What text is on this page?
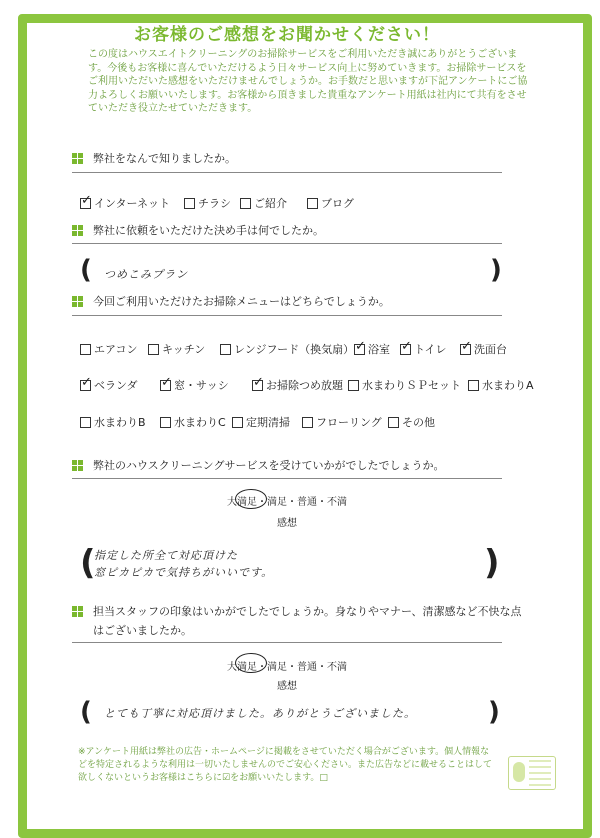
お客様のご感想をお聞かせください！
この度はハウスエイトクリーニングのお掃除サービスをご利用いただき誠にありがとうございます。今後もお客様に喜んでいただけるよう日々サービス向上に努めていきます。お掃除サービスをご利用いただいた感想をいただけませんでしょうか。お手数だと思いますが下記アンケートにご協力よろしくお願いいたします。お客様から頂きました貴重なアンケート用紙は社内にて共有をさせていただき役立たせていただきます。
弊社をなんで知りましたか。
✓
インターネット	チラシ ご紹介	ブログ
弊社に依頼をいただけた決め手は何でしたか。
( つめこみプラン	)
今回ご利用いただけたお掃除メニューはどちらでしょうか。
エアコン キッチン	レンジフード（換気扇） ✓ 浴室 ✓ トイレ ✓	洗面台
✓
ベランダ ✓	窓・サッシ ✓	お掃除つめ放題 水まわりＳＰセット 水まわりA
水まわりB	水まわりC 定期清掃 フローリング その他
弊社のハウスクリーニングサービスを受けていかがでしたでしょうか。
大満足・満足・普通・不満
感想
(
指定した所全て対応頂けた
窓ピカピカで気持ちがいいです。	)
担当スタッフの印象はいかがでしたでしょうか。身なりやマナー、清潔感など不快な点
はございましたか。
大満足・満足・普通・不満
感想
( とても丁寧に対応頂けました。ありがとうございました。	)
※アンケート用紙は弊社の広告・ホームページに掲載をさせていただく場合がございます。個人情報などを特定されるような利用は一切いたしませんのでご安心ください。また広告などに載せることはして欲しくないというお客様はこちらに☑をお願いいたします。□
